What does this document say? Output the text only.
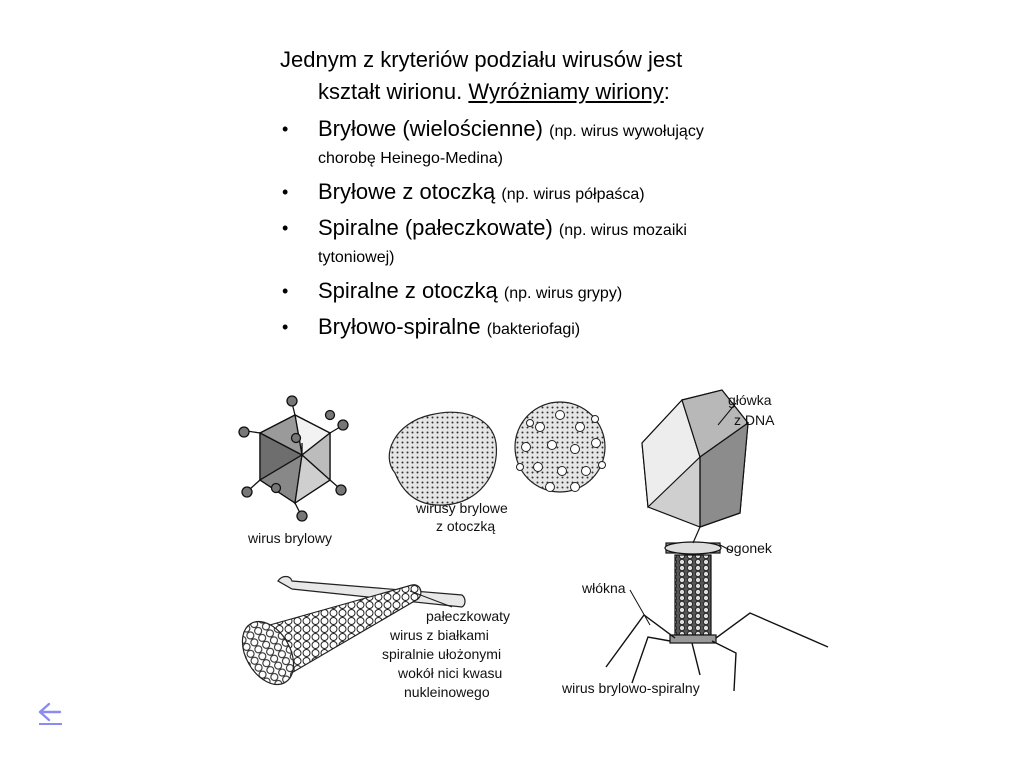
Jednym z kryteriów podziału wirusów jest kształt wirionu. Wyróżniamy wiriony:

• Bryłowe (wielościenne) (np. wirus wywołujący chorobę Heinego-Medina)
• Bryłowe z otoczką (np. wirus półpaśca)
• Spiralne (pałeczkowate) (np. wirus mozaiki tytoniowej)
• Spiralne z otoczką (np. wirus grypy)
• Bryłowo-spiralne (bakteriofagi)
wirus brylowy
wirusy brylowe
z otoczką
główka
z DNA
ogonek
włókna
wirus brylowo-spiralny
pałeczkowaty
wirus z białkami
spiralnie ułożonymi
wokół nici kwasu
nukleinowego
